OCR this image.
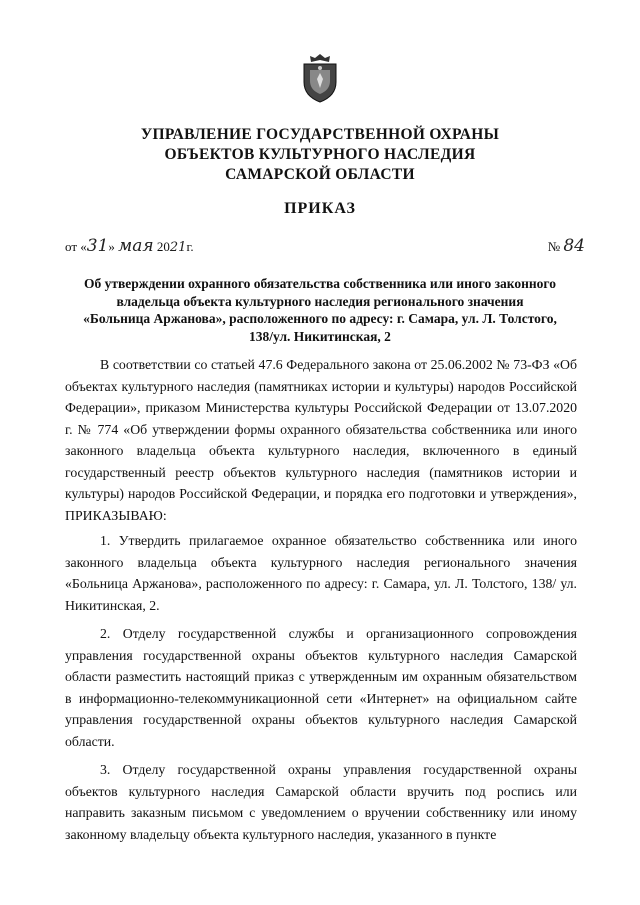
УПРАВЛЕНИЕ ГОСУДАРСТВЕННОЙ ОХРАНЫ
ОБЪЕКТОВ КУЛЬТУРНОГО НАСЛЕДИЯ
САМАРСКОЙ ОБЛАСТИ
ПРИКАЗ
от «31» мая 2021г.	№ 84
Об утверждении охранного обязательства собственника или иного законного
владельца объекта культурного наследия регионального значения
«Больница Аржанова», расположенного по адресу: г. Самара, ул. Л. Толстого,
138/ул. Никитинская, 2

В соответствии со статьей 47.6 Федерального закона от 25.06.2002 № 73-ФЗ «Об объектах культурного наследия (памятниках истории и культуры) народов Российской Федерации», приказом Министерства культуры Российской Федерации от 13.07.2020 г. № 774 «Об утверждении формы охранного обязательства собственника или иного законного владельца объекта культурного наследия, включенного в единый государственный реестр объектов культурного наследия (памятников истории и культуры) народов Российской Федерации, и порядка его подготовки и утверждения», ПРИКАЗЫВАЮ:

1. Утвердить прилагаемое охранное обязательство собственника или иного законного владельца объекта культурного наследия регионального значения «Больница Аржанова», расположенного по адресу: г. Самара, ул. Л. Толстого, 138/ ул. Никитинская, 2.

2. Отделу государственной службы и организационного сопровождения управления государственной охраны объектов культурного наследия Самарской области разместить настоящий приказ с утвержденным им охранным обязательством в информационно-телекоммуникационной сети «Интернет» на официальном сайте управления государственной охраны объектов культурного наследия Самарской области.

3. Отделу государственной охраны управления государственной охраны объектов культурного наследия Самарской области вручить под роспись или направить заказным письмом с уведомлением о вручении собственнику или иному законному владельцу объекта культурного наследия, указанного в пункте
